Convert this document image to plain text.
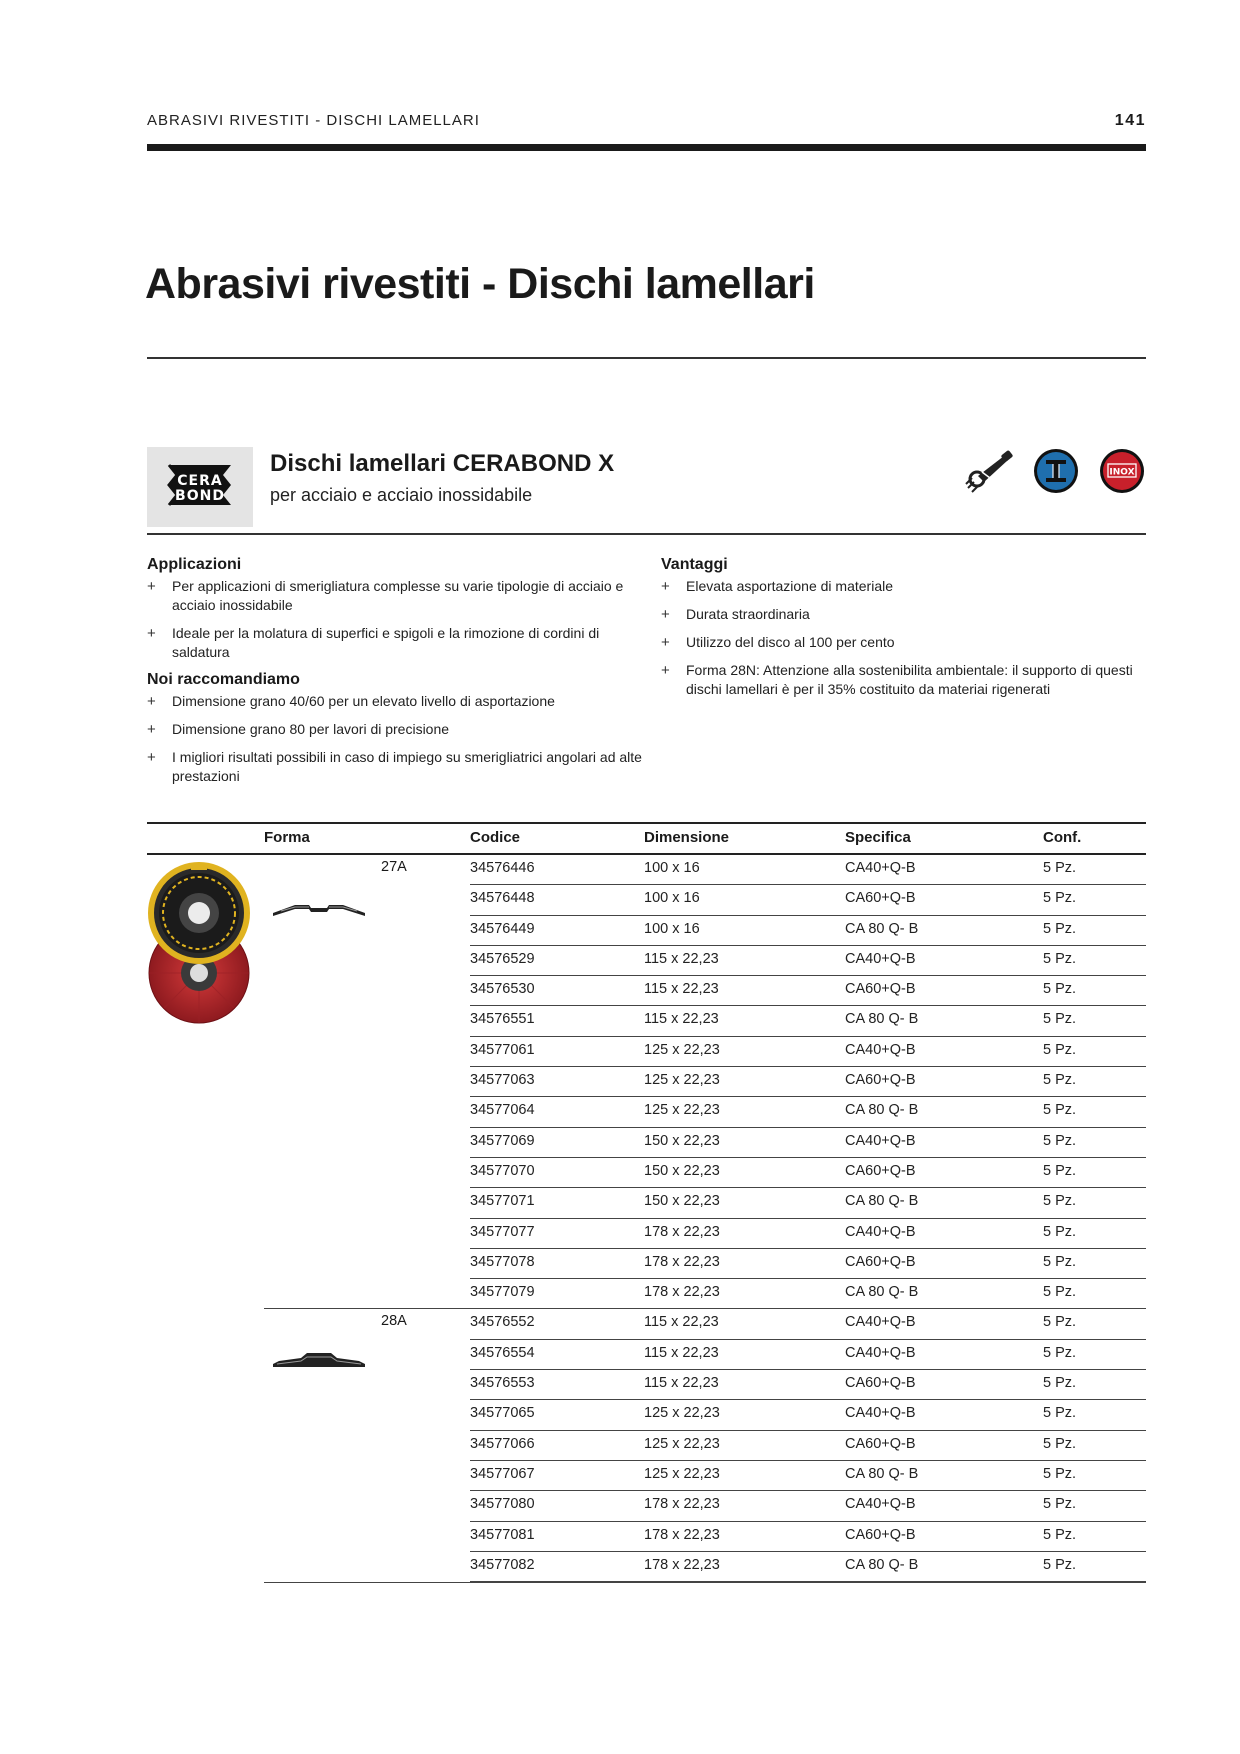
ABRASIVI RIVESTITI - DISCHI LAMELLARI	141
Abrasivi rivestiti - Dischi lamellari
CERA
BOND
Dischi lamellari CERABOND X
per acciaio e acciaio inossidabile
INOX
Applicazioni
+ Per applicazioni di smerigliatura complesse su varie tipologie di acciaio e acciaio inossidabile
+ Ideale per la molatura di superfici e spigoli e la rimozione di cordini di saldatura
Noi raccomandiamo
+ Dimensione grano 40/60 per un elevato livello di asportazione
+ Dimensione grano 80 per lavori di precisione
+ I migliori risultati possibili in caso di impiego su smerigliatrici angolari ad alte prestazioni
Vantaggi
+ Elevata asportazione di materiale
+ Durata straordinaria
+ Utilizzo del disco al 100 per cento
+ Forma 28N: Attenzione alla sostenibilita ambientale: il supporto di questi dischi lamellari è per il 35% costituito da materiai rigenerati
Forma	Codice	Dimensione	Specifica	Conf.
27A	34576446	100 x 16	CA40+Q-B	5 Pz.
34576448	100 x 16	CA60+Q-B	5 Pz.
34576449	100 x 16	CA 80 Q- B	5 Pz.
34576529	115 x 22,23	CA40+Q-B	5 Pz.
34576530	115 x 22,23	CA60+Q-B	5 Pz.
34576551	115 x 22,23	CA 80 Q- B	5 Pz.
34577061	125 x 22,23	CA40+Q-B	5 Pz.
34577063	125 x 22,23	CA60+Q-B	5 Pz.
34577064	125 x 22,23	CA 80 Q- B	5 Pz.
34577069	150 x 22,23	CA40+Q-B	5 Pz.
34577070	150 x 22,23	CA60+Q-B	5 Pz.
34577071	150 x 22,23	CA 80 Q- B	5 Pz.
34577077	178 x 22,23	CA40+Q-B	5 Pz.
34577078	178 x 22,23	CA60+Q-B	5 Pz.
34577079	178 x 22,23	CA 80 Q- B	5 Pz.
28A	34576552	115 x 22,23	CA40+Q-B	5 Pz.
34576554	115 x 22,23	CA40+Q-B	5 Pz.
34576553	115 x 22,23	CA60+Q-B	5 Pz.
34577065	125 x 22,23	CA40+Q-B	5 Pz.
34577066	125 x 22,23	CA60+Q-B	5 Pz.
34577067	125 x 22,23	CA 80 Q- B	5 Pz.
34577080	178 x 22,23	CA40+Q-B	5 Pz.
34577081	178 x 22,23	CA60+Q-B	5 Pz.
34577082	178 x 22,23	CA 80 Q- B	5 Pz.
